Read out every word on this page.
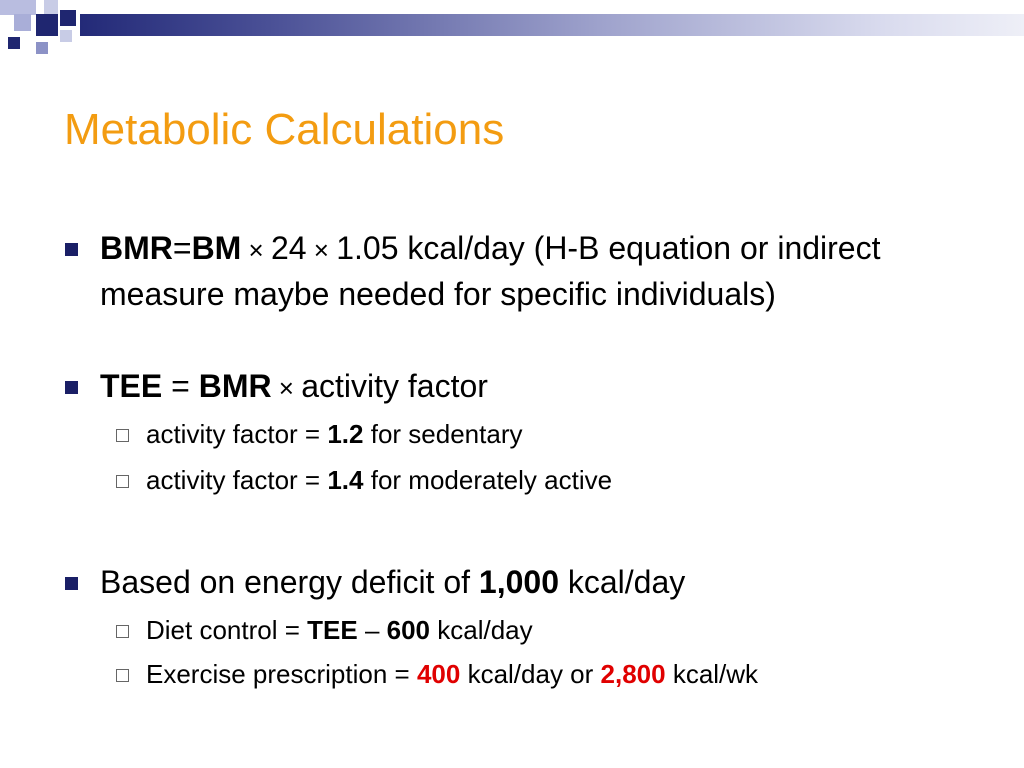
Metabolic Calculations
BMR=BM × 24 × 1.05 kcal/day (H-B equation or indirect measure maybe needed for specific individuals)
TEE = BMR × activity factor
activity factor = 1.2 for sedentary
activity factor = 1.4 for moderately active
Based on energy deficit of 1,000 kcal/day
Diet control = TEE – 600 kcal/day
Exercise prescription = 400 kcal/day or 2,800 kcal/wk
